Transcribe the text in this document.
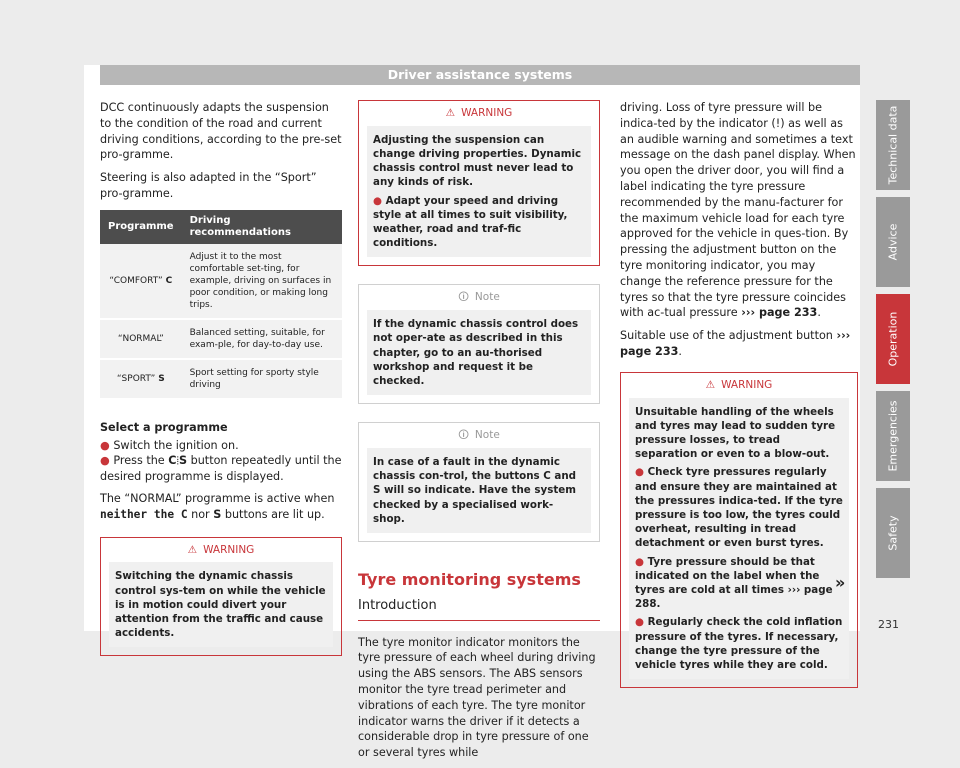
Driver assistance systems

DCC continuously adapts the suspension to the condition of the road and current driving conditions, according to the pre-set pro-gramme.

Steering is also adapted in the “Sport” pro-gramme.

Programme	Driving recommendations
“COMFORT” C	Adjust it to the most comfortable set-ting, for example, driving on surfaces in poor condition, or making long trips.
“NORMAL”	Balanced setting, suitable, for exam-ple, for day-to-day use.
“SPORT” S	Sport setting for sporty style driving

Select a programme

● Switch the ignition on.
● Press the C⦙S button repeatedly until the desired programme is displayed.

The “NORMAL” programme is active when neither the C nor S buttons are lit up.

⚠ WARNING
Switching the dynamic chassis control sys-tem on while the vehicle is in motion could divert your attention from the traffic and cause accidents.
⚠ WARNING
Adjusting the suspension can change driving properties. Dynamic chassis control must never lead to any kinds of risk.
● Adapt your speed and driving style at all times to suit visibility, weather, road and traf-fic conditions.
🛈 Note
If the dynamic chassis control does not oper-ate as described in this chapter, go to an au-thorised workshop and request it be checked.
🛈 Note
In case of a fault in the dynamic chassis con-trol, the buttons C and S will so indicate. Have the system checked by a specialised work-shop.
Tyre monitoring systems
Introduction

The tyre monitor indicator monitors the tyre pressure of each wheel during driving using the ABS sensors. The ABS sensors monitor the tyre tread perimeter and vibrations of each tyre. The tyre monitor indicator warns the driver if it detects a considerable drop in tyre pressure of one or several tyres while

driving. Loss of tyre pressure will be indica-ted by the indicator (!) as well as an audible warning and sometimes a text message on the dash panel display. When you open the driver door, you will find a label indicating the tyre pressure recommended by the manu-facturer for the maximum vehicle load for each tyre approved for the vehicle in ques-tion. By pressing the adjustment button on the tyre monitoring indicator, you may change the reference pressure for the tyres so that the tyre pressure coincides with ac-tual pressure ››› page 233.

Suitable use of the adjustment button ››› page 233.

⚠ WARNING
Unsuitable handling of the wheels and tyres may lead to sudden tyre pressure losses, to tread separation or even to a blow-out.
● Check tyre pressures regularly and ensure they are maintained at the pressures indica-ted. If the tyre pressure is too low, the tyres could overheat, resulting in tread detachment or even burst tyres.
● Tyre pressure should be that indicated on the label when the tyres are cold at all times ››› page 288.
● Regularly check the cold inflation pressure of the tyres. If necessary, change the tyre pressure of the vehicle tyres while they are cold.
»
Technical data
Advice
Operation
Emergencies
Safety
231
